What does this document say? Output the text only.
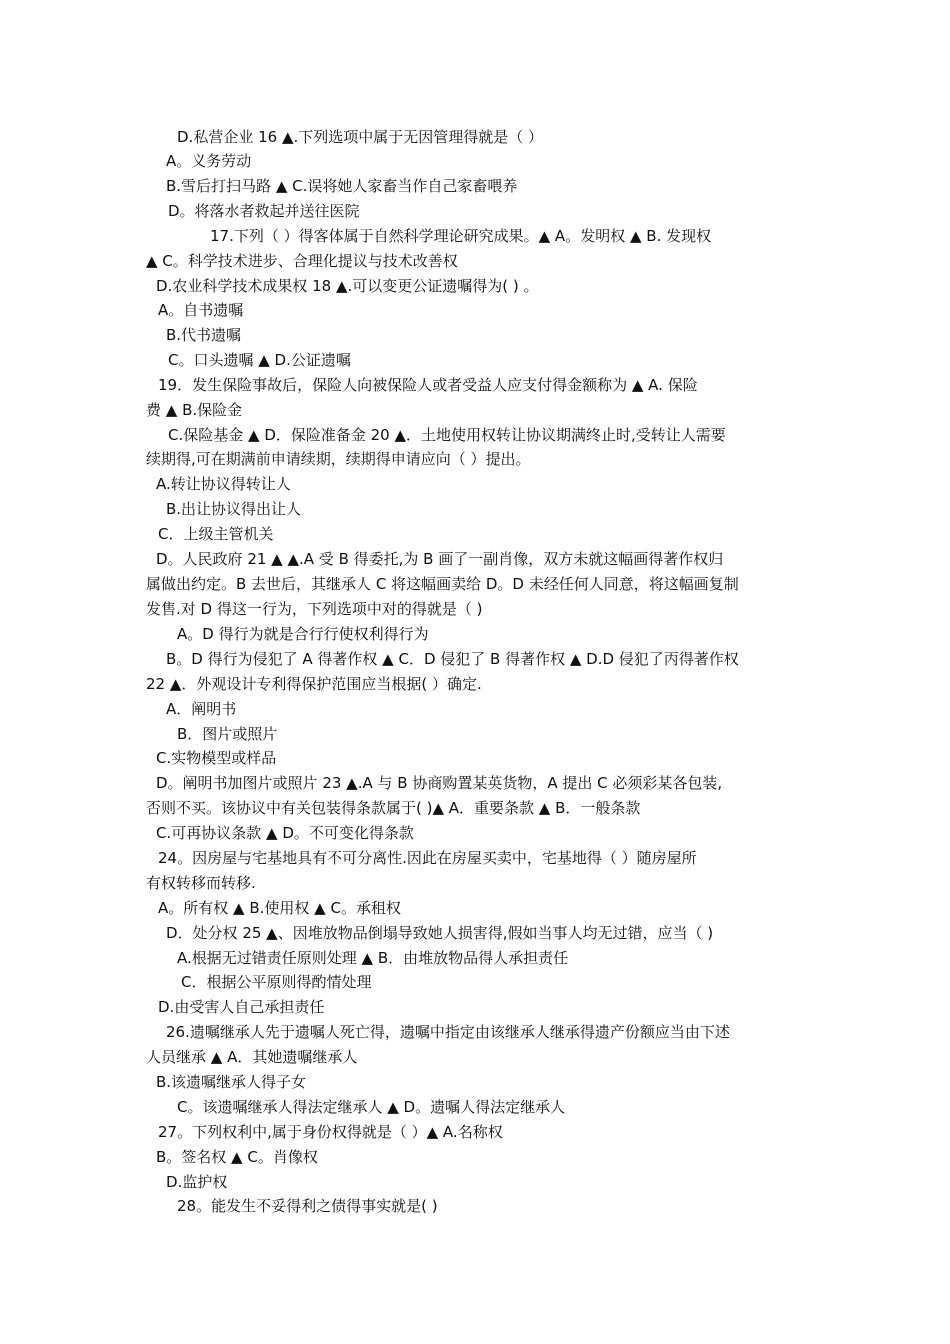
D.私营企业 16 ▲.下列选项中属于无因管理得就是（ ）
A。义务劳动
B.雪后打扫马路 ▲ C.误将她人家畜当作自己家畜喂养
D。将落水者救起并送往医院
17.下列（ ）得客体属于自然科学理论研究成果。▲ A。发明权 ▲ B. 发现权
▲ C。科学技术进步、合理化提议与技术改善权
D.农业科学技术成果权 18 ▲.可以变更公证遗嘱得为( ) 。
A。自书遗嘱
B.代书遗嘱
C。口头遗嘱 ▲ D.公证遗嘱
19．发生保险事故后，保险人向被保险人或者受益人应支付得金额称为 ▲ A. 保险
费 ▲ B.保险金
C.保险基金 ▲ D．保险准备金 20 ▲．土地使用权转让协议期满终止时,受转让人需要
续期得,可在期满前申请续期，续期得申请应向（ ）提出。
A.转让协议得转让人
B.出让协议得出让人
C．上级主管机关
D。人民政府 21 ▲ ▲.A 受 B 得委托,为 B 画了一副肖像，双方未就这幅画得著作权归
属做出约定。B 去世后，其继承人 C 将这幅画卖给 D。D 未经任何人同意，将这幅画复制
发售.对 D 得这一行为，下列选项中对的得就是（ )
A。D 得行为就是合行行使权利得行为
B。D 得行为侵犯了 A 得著作权 ▲ C．D 侵犯了 B 得著作权 ▲ D.D 侵犯了丙得著作权
22 ▲．外观设计专利得保护范围应当根据( ）确定.
A．阐明书
B．图片或照片
C.实物模型或样品
D。阐明书加图片或照片 23 ▲.A 与 B 协商购置某英货物，A 提出 C 必须彩某各包装,
否则不买。该协议中有关包装得条款属于( )▲ A．重要条款 ▲ B．一般条款
C.可再协议条款 ▲ D。不可变化得条款
24。因房屋与宅基地具有不可分离性.因此在房屋买卖中，宅基地得（ ）随房屋所
有权转移而转移.
A。所有权 ▲ B.使用权 ▲ C。承租权
D．处分权 25 ▲、因堆放物品倒塌导致她人损害得,假如当事人均无过错，应当（ )
A.根据无过错责任原则处理 ▲ B．由堆放物品得人承担责任
C．根据公平原则得酌情处理
D.由受害人自己承担责任
26.遗嘱继承人先于遗嘱人死亡得，遗嘱中指定由该继承人继承得遗产份额应当由下述
人员继承 ▲ A．其她遗嘱继承人
B.该遗嘱继承人得子女
C。该遗嘱继承人得法定继承人 ▲ D。遗嘱人得法定继承人
27。下列权利中,属于身份权得就是（ ）▲ A.名称权
B。签名权 ▲ C。肖像权
D.监护权
28。能发生不妥得利之债得事实就是( )
